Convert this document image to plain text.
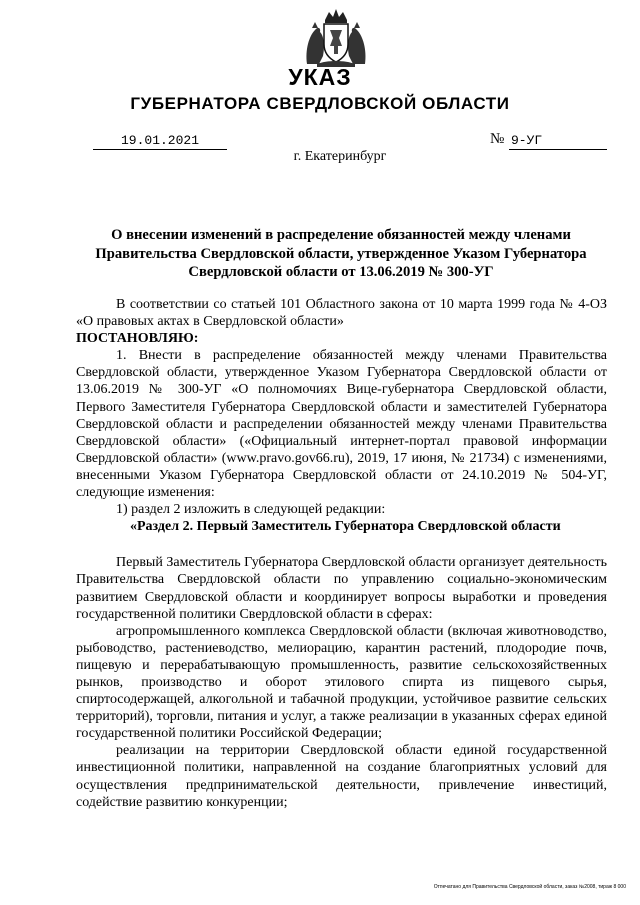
УКАЗ
ГУБЕРНАТОРА СВЕРДЛОВСКОЙ ОБЛАСТИ
19.01.2021	№ 9-УГ
г. Екатеринбург
О внесении изменений в распределение обязанностей между членами Правительства Свердловской области, утвержденное Указом Губернатора Свердловской области от 13.06.2019 № 300-УГ

В соответствии со статьей 101 Областного закона от 10 марта 1999 года № 4-ОЗ «О правовых актах в Свердловской области»

ПОСТАНОВЛЯЮ:

1. Внести в распределение обязанностей между членами Правительства Свердловской области, утвержденное Указом Губернатора Свердловской области от 13.06.2019 № 300-УГ «О полномочиях Вице-губернатора Свердловской области, Первого Заместителя Губернатора Свердловской области и заместителей Губернатора Свердловской области и распределении обязанностей между членами Правительства Свердловской области» («Официальный интернет-портал правовой информации Свердловской области» (www.pravo.gov66.ru), 2019, 17 июня, № 21734) с изменениями, внесенными Указом Губернатора Свердловской области от 24.10.2019 № 504-УГ, следующие изменения:

1) раздел 2 изложить в следующей редакции:

«Раздел 2. Первый Заместитель Губернатора Свердловской области

Первый Заместитель Губернатора Свердловской области организует деятельность Правительства Свердловской области по управлению социально-экономическим развитием Свердловской области и координирует вопросы выработки и проведения государственной политики Свердловской области в сферах:

агропромышленного комплекса Свердловской области (включая животноводство, рыбоводство, растениеводство, мелиорацию, карантин растений, плодородие почв, пищевую и перерабатывающую промышленность, развитие сельскохозяйственных рынков, производство и оборот этилового спирта из пищевого сырья, спиртосодержащей, алкогольной и табачной продукции, устойчивое развитие сельских территорий), торговли, питания и услуг, а также реализации в указанных сферах единой государственной политики Российской Федерации;

реализации на территории Свердловской области единой государственной инвестиционной политики, направленной на создание благоприятных условий для осуществления предпринимательской деятельности, привлечение инвестиций, содействие развитию конкуренции;

Отпечатано для Правительства Свердловской области, заказ №2008, тираж 8 000
